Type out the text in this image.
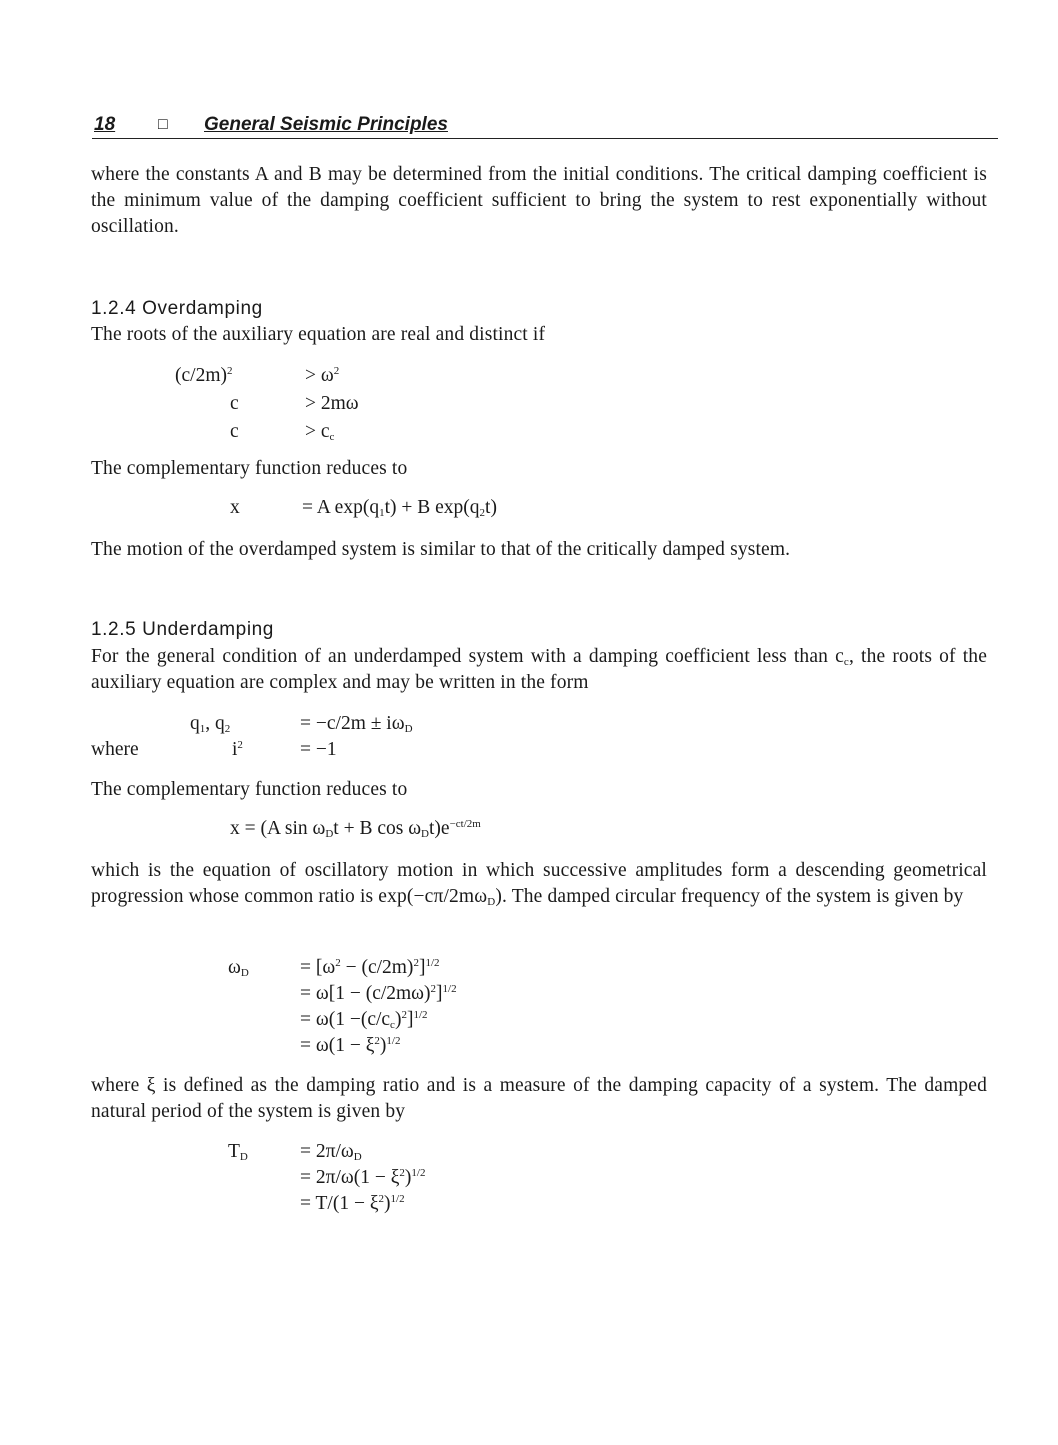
18	□ General Seismic Principles
where the constants A and B may be determined from the initial conditions. The critical damping coefficient is the minimum value of the damping coefficient sufficient to bring the system to rest exponentially without oscillation.
1.2.4 Overdamping
The roots of the auxiliary equation are real and distinct if
$(c/2m)^2$	> $\omega^2$
c	> 2mω
c	> $c_c$
The complementary function reduces to
x	= A $\exp(q_1t) + B$ $\exp(q_2t)$
The motion of the overdamped system is similar to that of the critically damped system.
1.2.5 Underdamping
For the general condition of an underdamped system with a damping coefficient less than $c_c$, the roots of the auxiliary equation are complex and may be written in the form
$q_1$, $q_2$	= $-c/2m \pm i\omega_D$
where	$i^2$	= −1
The complementary function reduces to
x = (A $\sin \omega_Dt + B$ $\cos \omega_Dt)e^{-ct/2m}$
which is the equation of oscillatory motion in which successive amplitudes form a descending geometrical progression whose common ratio is $\exp(-c\pi/2m\omega_D)$. The damped circular frequency of the system is given by
$\omega_D$	= $[\omega^2 - (c/2m)^2]^{1/2}$
= $\omega[1 - (c/2m\omega)^2]^{1/2}$
= $\omega(1 -(c/c_c)^2]^{1/2}$
= $\omega(1 - \xi^2)^{1/2}$
where ξ is defined as the damping ratio and is a measure of the damping capacity of a system. The damped natural period of the system is given by
$T_D$	= $2\pi/\omega_D$
= $2\pi/\omega(1 - \xi^2)^{1/2}$
= $T/(1 - \xi^2)^{1/2}$
